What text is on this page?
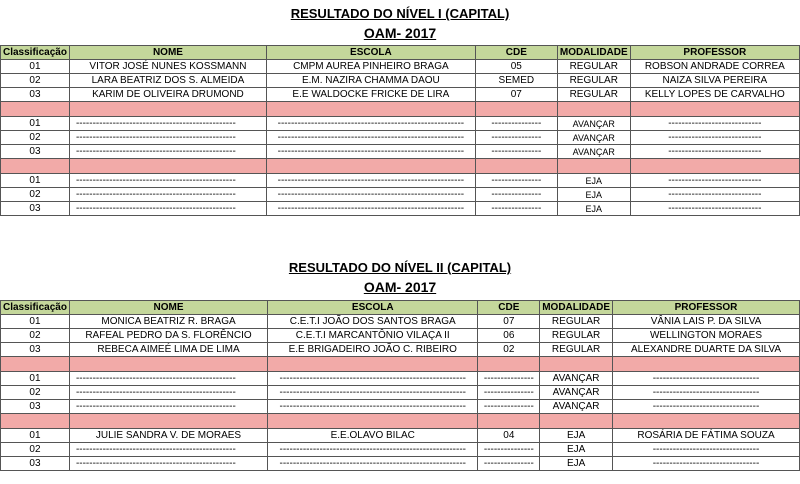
RESULTADO DO NÍVEL I (CAPITAL)
OAM- 2017
Classificação	NOME	ESCOLA	CDE	MODALIDADE	PROFESSOR
01	VITOR JOSÉ NUNES KOSSMANN	CMPM AUREA PINHEIRO BRAGA	05	REGULAR	ROBSON ANDRADE CORREA
02	LARA BEATRIZ DOS S. ALMEIDA	E.M. NAZIRA CHAMMA DAOU	SEMED	REGULAR	NAIZA SILVA PEREIRA
03	KARIM DE OLIVEIRA DRUMOND	E.E WALDOCKE FRICKE DE LIRA	07	REGULAR	KELLY LOPES DE CARVALHO

01	------------------------------------------------	--------------------------------------------------------	---------------	AVANÇAR	----------------------------
02	------------------------------------------------	--------------------------------------------------------	---------------	AVANÇAR	----------------------------
03	------------------------------------------------	--------------------------------------------------------	---------------	AVANÇAR	----------------------------

01	------------------------------------------------	--------------------------------------------------------	---------------	EJA	----------------------------
02	------------------------------------------------	--------------------------------------------------------	---------------	EJA	----------------------------
03	------------------------------------------------	--------------------------------------------------------	---------------	EJA	----------------------------
RESULTADO DO NÍVEL II (CAPITAL)
OAM- 2017
Classificação	NOME	ESCOLA	CDE	MODALIDADE	PROFESSOR
01	MONICA BEATRIZ R. BRAGA	C.E.T.I JOÃO DOS SANTOS BRAGA	07	REGULAR	VÂNIA LAIS P. DA SILVA
02	RAFEAL PEDRO DA S. FLORÊNCIO	C.E.T.I MARCANTÔNIO VILAÇA II	06	REGULAR	WELLINGTON MORAES
03	REBECA AIMEÉ LIMA DE LIMA	E.E BRIGADEIRO JOÃO C. RIBEIRO	02	REGULAR	ALEXANDRE DUARTE DA SILVA

01	------------------------------------------------	--------------------------------------------------------	---------------	AVANÇAR	--------------------------------
02	------------------------------------------------	--------------------------------------------------------	---------------	AVANÇAR	--------------------------------
03	------------------------------------------------	--------------------------------------------------------	---------------	AVANÇAR	--------------------------------

01	JULIE SANDRA V. DE MORAES	E.E.OLAVO BILAC	04	EJA	ROSÁRIA DE FÁTIMA SOUZA
02	------------------------------------------------	--------------------------------------------------------	---------------	EJA	--------------------------------
03	------------------------------------------------	--------------------------------------------------------	---------------	EJA	--------------------------------
